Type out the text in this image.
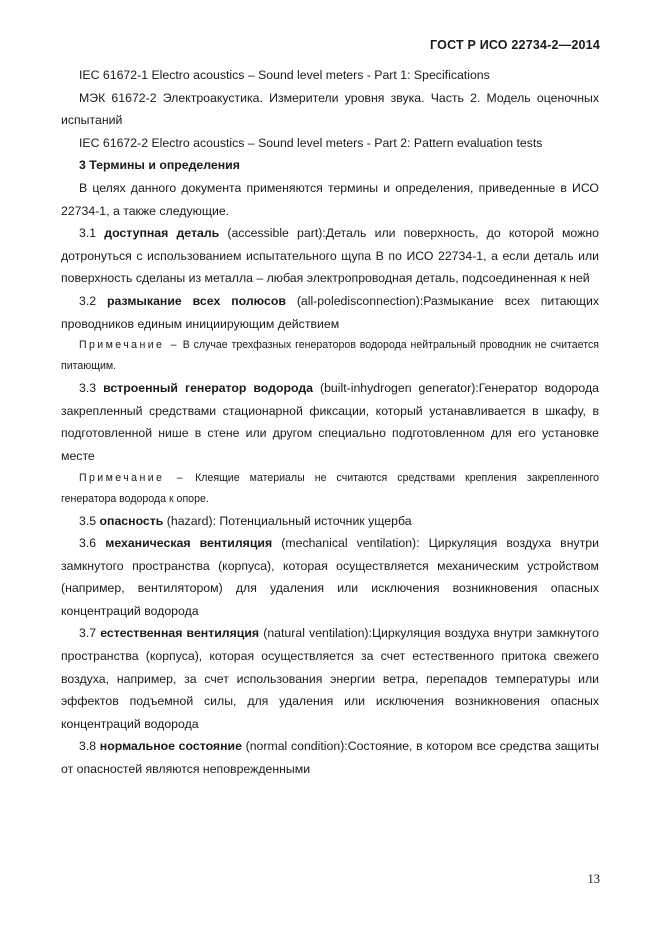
ГОСТ Р ИСО 22734-2—2014

IEC 61672-1 Electro acoustics – Sound level meters - Part 1: Specifications

МЭК 61672-2 Электроакустика. Измерители уровня звука. Часть 2. Модель оценочных испытаний

IEC 61672-2 Electro acoustics – Sound level meters - Part 2: Pattern evaluation tests

3 Термины и определения

В целях данного документа применяются термины и определения, приведенные в ИСО 22734-1, а также следующие.

3.1 доступная деталь (accessible part):Деталь или поверхность, до которой можно дотронуться с использованием испытательного щупа В по ИСО 22734-1, а если деталь или поверхность сделаны из металла – любая электропроводная деталь, подсоединенная к ней

3.2 размыкание всех полюсов (all-poledisconnection):Размыкание всех питающих проводников единым инициирующим действием

Примечание – В случае трехфазных генераторов водорода нейтральный проводник не считается питающим.

3.3 встроенный генератор водорода (built-inhydrogen generator):Генератор водорода закрепленный средствами стационарной фиксации, который устанавливается в шкафу, в подготовленной нише в стене или другом специально подготовленном для его установке месте

Примечание – Клеящие материалы не считаются средствами крепления закрепленного генератора водорода к опоре.

3.5 опасность (hazard): Потенциальный источник ущерба

3.6 механическая вентиляция (mechanical ventilation): Циркуляция воздуха внутри замкнутого пространства (корпуса), которая осуществляется механическим устройством (например, вентилятором) для удаления или исключения возникновения опасных концентраций водорода

3.7 естественная вентиляция (natural ventilation):Циркуляция воздуха внутри замкнутого пространства (корпуса), которая осуществляется за счет естественного притока свежего воздуха, например, за счет использования энергии ветра, перепадов температуры или эффектов подъемной силы, для удаления или исключения возникновения опасных концентраций водорода

3.8 нормальное состояние (normal condition):Состояние, в котором все средства защиты от опасностей являются неповрежденными

13
